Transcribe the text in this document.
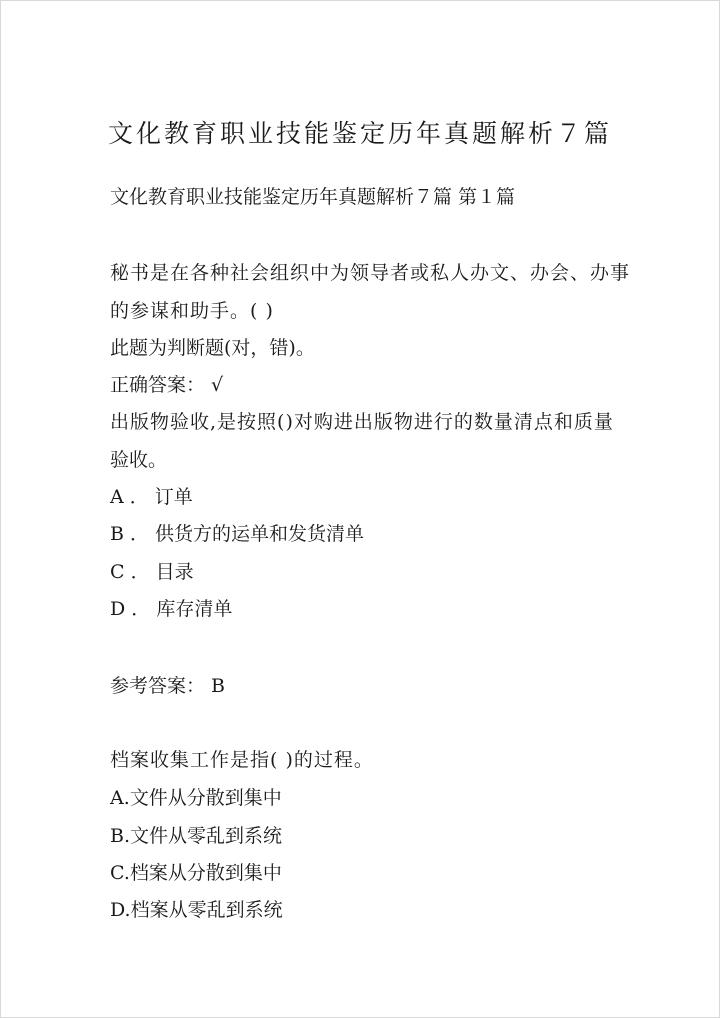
文化教育职业技能鉴定历年真题解析７篇
文化教育职业技能鉴定历年真题解析７篇 第１篇
秘书是在各种社会组织中为领导者或私人办文、办会、办事
的参谋和助手。( )
此题为判断题(对，错)。
正确答案： √
出版物验收,是按照()对购进出版物进行的数量清点和质量
验收。
A ． 订单
B ． 供货方的运单和发货清单
C ． 目录
D ． 库存清单
参考答案： B
档案收集工作是指( )的过程。
A.文件从分散到集中
B.文件从零乱到系统
C.档案从分散到集中
D.档案从零乱到系统
